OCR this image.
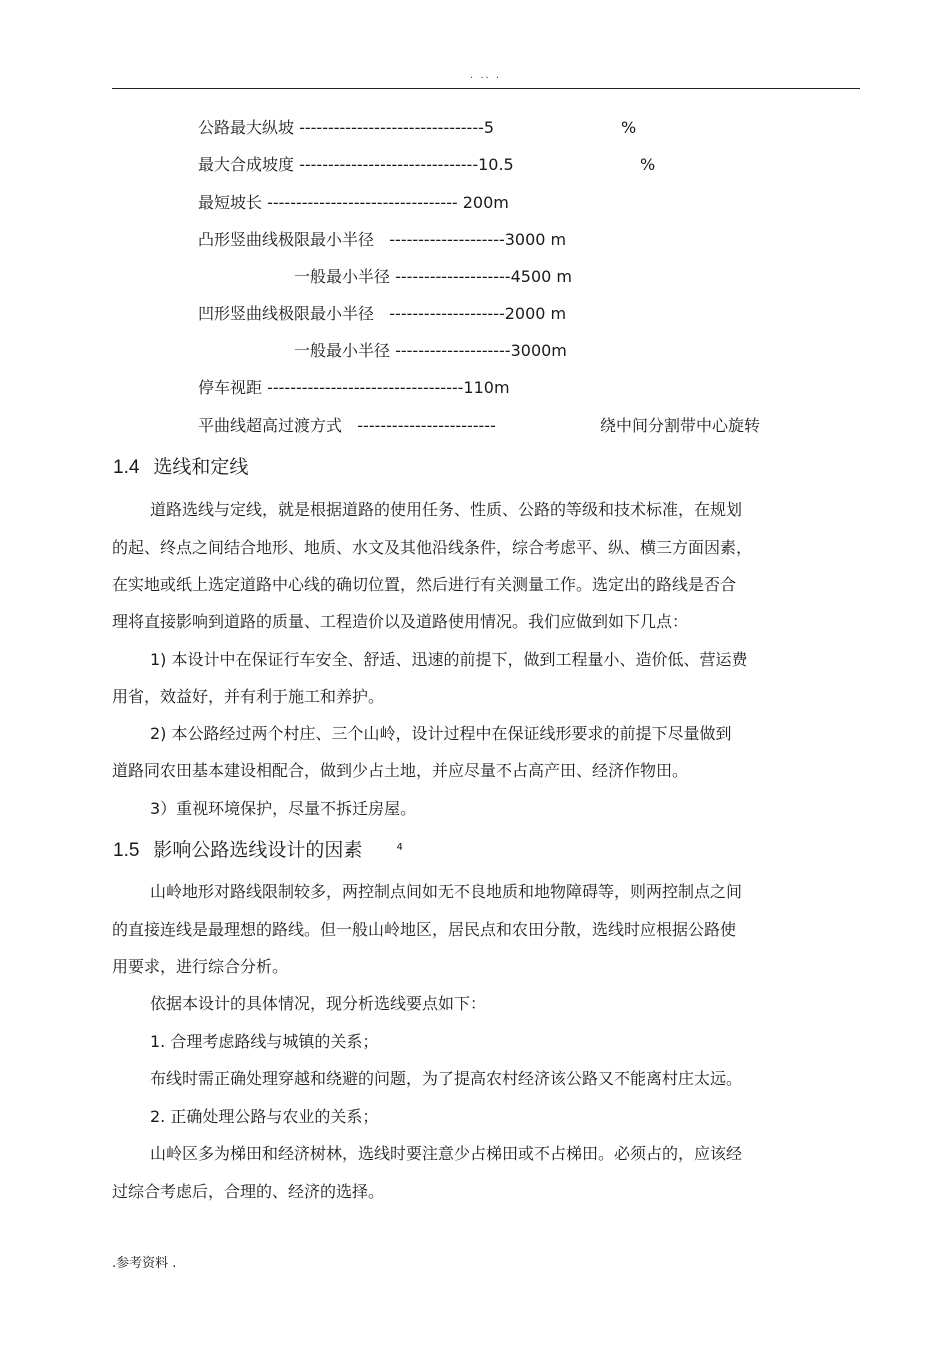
. .. .
公路最大纵坡 --------------------------------5	%
最大合成坡度 -------------------------------10.5	%
最短坡长 --------------------------------- 200m
凸形竖曲线极限最小半径 --------------------3000 m
一般最小半径 --------------------4500 m
凹形竖曲线极限最小半径 --------------------2000 m
一般最小半径 --------------------3000m
停车视距 ----------------------------------110m
平曲线超高过渡方式 ------------------------	绕中间分割带中心旋转
1.4 选线和定线
道路选线与定线，就是根据道路的使用任务、性质、公路的等级和技术标准，在规划
的起、终点之间结合地形、地质、水文及其他沿线条件，综合考虑平、纵、横三方面因素，
在实地或纸上选定道路中心线的确切位置，然后进行有关测量工作。选定出的路线是否合
理将直接影响到道路的质量、工程造价以及道路使用情况。我们应做到如下几点：
1) 本设计中在保证行车安全、舒适、迅速的前提下，做到工程量小、造价低、营运费
用省，效益好，并有利于施工和养护。
2) 本公路经过两个村庄、三个山岭，设计过程中在保证线形要求的前提下尽量做到
道路同农田基本建设相配合，做到少占土地，并应尽量不占高产田、经济作物田。
3）重视环境保护，尽量不拆迁房屋。
1.5 影响公路选线设计的因素	$^4$
山岭地形对路线限制较多，两控制点间如无不良地质和地物障碍等，则两控制点之间
的直接连线是最理想的路线。但一般山岭地区，居民点和农田分散，选线时应根据公路使
用要求，进行综合分析。
依据本设计的具体情况，现分析选线要点如下：
1. 合理考虑路线与城镇的关系；
布线时需正确处理穿越和绕避的问题，为了提高农村经济该公路又不能离村庄太远。
2. 正确处理公路与农业的关系；
山岭区多为梯田和经济树林，选线时要注意少占梯田或不占梯田。必须占的，应该经
过综合考虑后，合理的、经济的选择。
.参考资料 .
